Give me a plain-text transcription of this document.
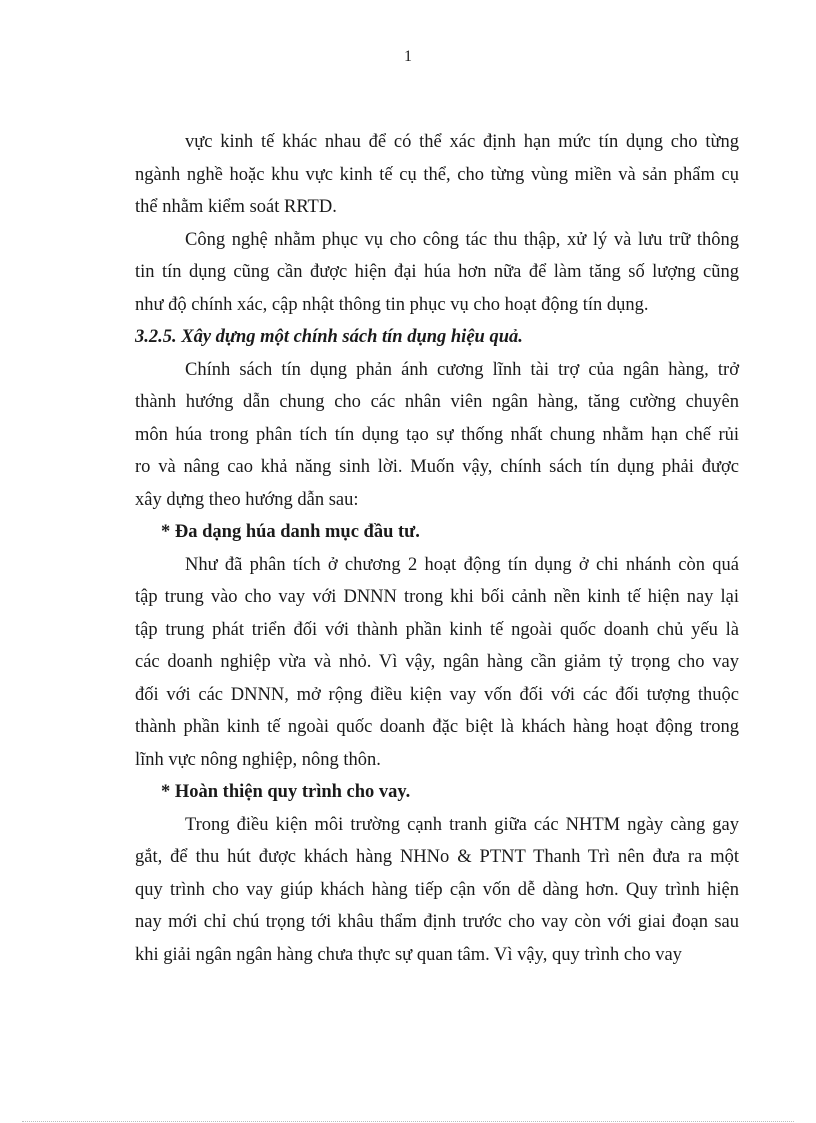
1
vực kinh tế khác nhau để có thể xác định hạn mức tín dụng cho từng
ngành nghề hoặc khu vực kinh tế cụ thể, cho từng vùng miền và sản phẩm cụ
thể nhằm kiểm soát RRTD.
Công nghệ nhằm phục vụ cho công tác thu thập, xử lý và lưu trữ thông
tin tín dụng cũng cần được hiện đại húa hơn nữa để làm tăng số lượng cũng
như độ chính xác, cập nhật thông tin phục vụ cho hoạt động tín dụng.
3.2.5. Xây dựng một chính sách tín dụng hiệu quả.
Chính sách tín dụng phản ánh cương lĩnh tài trợ của ngân hàng, trở
thành hướng dẫn chung cho các nhân viên ngân hàng, tăng cường chuyên
môn húa trong phân tích tín dụng tạo sự thống nhất chung nhằm hạn chế rủi
ro và nâng cao khả năng sinh lời. Muốn vậy, chính sách tín dụng phải được
xây dựng theo hướng dẫn sau:
* Đa dạng húa danh mục đầu tư.
Như đã phân tích ở chương 2 hoạt động tín dụng ở chi nhánh còn quá
tập trung vào cho vay với DNNN trong khi bối cảnh nền kinh tế hiện nay lại
tập trung phát triển đối với thành phần kinh tế ngoài quốc doanh chủ yếu là
các doanh nghiệp vừa và nhỏ. Vì vậy, ngân hàng cần giảm tỷ trọng cho vay
đối với các DNNN, mở rộng điều kiện vay vốn đối với các đối tượng thuộc
thành phần kinh tế ngoài quốc doanh đặc biệt là khách hàng hoạt động trong
lĩnh vực nông nghiệp, nông thôn.
* Hoàn thiện quy trình cho vay.
Trong điều kiện môi trường cạnh tranh giữa các NHTM ngày càng gay
gắt, để thu hút được khách hàng NHNo & PTNT Thanh Trì nên đưa ra một
quy trình cho vay giúp khách hàng tiếp cận vốn dễ dàng hơn. Quy trình hiện
nay mới chỉ chú trọng tới khâu thẩm định trước cho vay còn với giai đoạn sau
khi giải ngân ngân hàng chưa thực sự quan tâm. Vì vậy, quy trình cho vay
